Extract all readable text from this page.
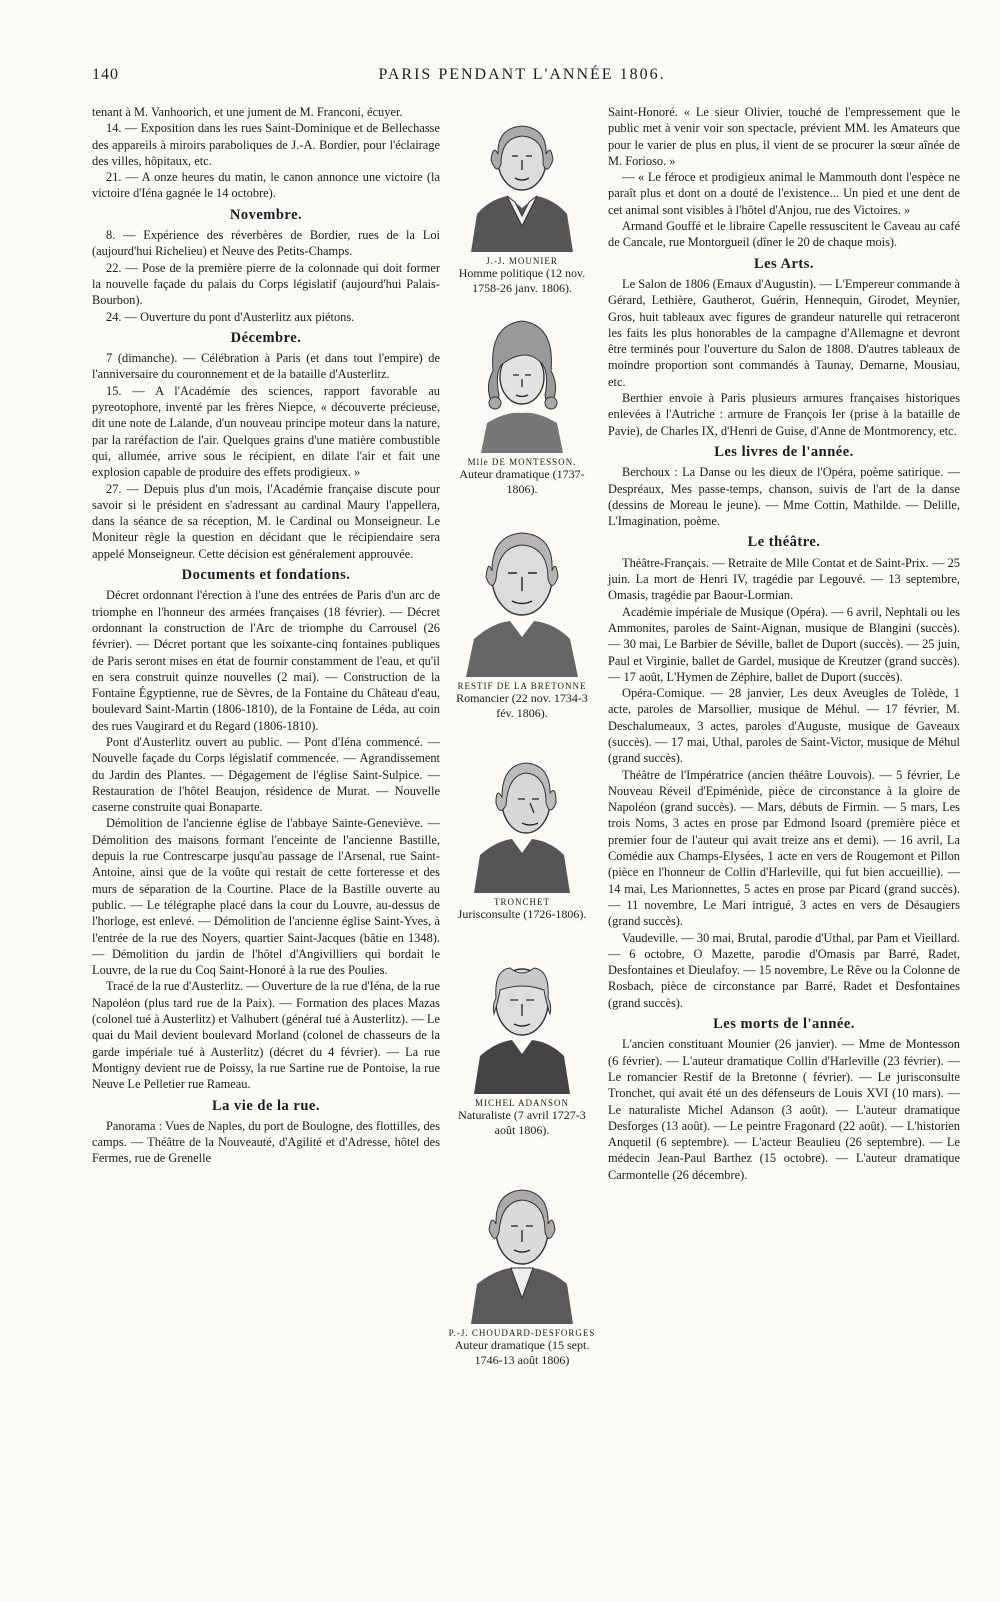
140	PARIS PENDANT L'ANNÉE 1806.

tenant à M. Vanhoorich, et une jument de M. Franconi, écuyer.

14. — Exposition dans les rues Saint-Dominique et de Bellechasse des appareils à miroirs paraboliques de J.-A. Bordier, pour l'éclairage des villes, hôpitaux, etc.

21. — A onze heures du matin, le canon annonce une victoire (la victoire d'Iéna gagnée le 14 octobre).

Novembre.

8. — Expérience des réverbères de Bordier, rues de la Loi (aujourd'hui Richelieu) et Neuve des Petits-Champs.

22. — Pose de la première pierre de la colonnade qui doit former la nouvelle façade du palais du Corps législatif (aujourd'hui Palais-Bourbon).

24. — Ouverture du pont d'Austerlitz aux piétons.

Décembre.

7 (dimanche). — Célébration à Paris (et dans tout l'empire) de l'anniversaire du couronnement et de la bataille d'Austerlitz.

15. — A l'Académie des sciences, rapport favorable au pyreotophore, inventé par les frères Niepce, « découverte précieuse, dit une note de Lalande, d'un nouveau principe moteur dans la nature, par la raréfaction de l'air. Quelques grains d'une matière combustible qui, allumée, arrive sous le récipient, en dilate l'air et fait une explosion capable de produire des effets prodigieux. »

27. — Depuis plus d'un mois, l'Académie française discute pour savoir si le président en s'adressant au cardinal Maury l'appellera, dans la séance de sa réception, M. le Cardinal ou Monseigneur. Le Moniteur règle la question en décidant que le récipiendaire sera appelé Monseigneur. Cette décision est généralement approuvée.

Documents et fondations.

Décret ordonnant l'érection à l'une des entrées de Paris d'un arc de triomphe en l'honneur des armées françaises (18 février). — Décret ordonnant la construction de l'Arc de triomphe du Carrousel (26 février). — Décret portant que les soixante-cinq fontaines publiques de Paris seront mises en état de fournir constamment de l'eau, et qu'il en sera construit quinze nouvelles (2 mai). — Construction de la Fontaine Égyptienne, rue de Sèvres, de la Fontaine du Château d'eau, boulevard Saint-Martin (1806-1810), de la Fontaine de Léda, au coin des rues Vaugirard et du Regard (1806-1810).

Pont d'Austerlitz ouvert au public. — Pont d'Iéna commencé. — Nouvelle façade du Corps législatif commencée. — Agrandissement du Jardin des Plantes. — Dégagement de l'église Saint-Sulpice. — Restauration de l'hôtel Beaujon, résidence de Murat. — Nouvelle caserne construite quai Bonaparte.

Démolition de l'ancienne église de l'abbaye Sainte-Geneviève. — Démolition des maisons formant l'enceinte de l'ancienne Bastille, depuis la rue Contrescarpe jusqu'au passage de l'Arsenal, rue Saint-Antoine, ainsi que de la voûte qui restait de cette forteresse et des murs de séparation de la Courtine. Place de la Bastille ouverte au public. — Le télégraphe placé dans la cour du Louvre, au-dessus de l'horloge, est enlevé. — Démolition de l'ancienne église Saint-Yves, à l'entrée de la rue des Noyers, quartier Saint-Jacques (bâtie en 1348). — Démolition du jardin de l'hôtel d'Angivilliers qui bordait le Louvre, de la rue du Coq Saint-Honoré à la rue des Poulies.

Tracé de la rue d'Austerlitz. — Ouverture de la rue d'Iéna, de la rue Napoléon (plus tard rue de la Paix). — Formation des places Mazas (colonel tué à Austerlitz) et Valhubert (général tué à Austerlitz). — Le quai du Mail devient boulevard Morland (colonel de chasseurs de la garde impériale tué à Austerlitz) (décret du 4 février). — La rue Montigny devient rue de Poissy, la rue Sartine rue de Pontoise, la rue Neuve Le Pelletier rue Rameau.

La vie de la rue.

Panorama : Vues de Naples, du port de Boulogne, des flottilles, des camps. — Théâtre de la Nouveauté, d'Agilité et d'Adresse, hôtel des Fermes, rue de Grenelle

J.-J. MOUNIER
Homme politique (12 nov. 1758-26 janv. 1806).
Mlle DE MONTESSON.
Auteur dramatique (1737-1806).
RESTIF DE LA BRETONNE
Romancier (22 nov. 1734-3 fév. 1806).
TRONCHET
Jurisconsulte (1726-1806).
MICHEL ADANSON
Naturaliste (7 avril 1727-3 août 1806).
P.-J. CHOUDARD-DESFORGES
Auteur dramatique (15 sept. 1746-13 août 1806)

Saint-Honoré. « Le sieur Olivier, touché de l'empressement que le public met à venir voir son spectacle, prévient MM. les Amateurs que pour le varier de plus en plus, il vient de se procurer la sœur aînée de M. Forioso. »

— « Le féroce et prodigieux animal le Mammouth dont l'espèce ne paraît plus et dont on a douté de l'existence... Un pied et une dent de cet animal sont visibles à l'hôtel d'Anjou, rue des Victoires. »

Armand Gouffé et le libraire Capelle ressuscitent le Caveau au café de Cancale, rue Montorgueil (dîner le 20 de chaque mois).

Les Arts.

Le Salon de 1806 (Emaux d'Augustin). — L'Empereur commande à Gérard, Lethière, Gautherot, Guérin, Hennequin, Girodet, Meynier, Gros, huit tableaux avec figures de grandeur naturelle qui retraceront les faits les plus honorables de la campagne d'Allemagne et devront être terminés pour l'ouverture du Salon de 1808. D'autres tableaux de moindre proportion sont commandés à Taunay, Demarne, Mousiau, etc.

Berthier envoie à Paris plusieurs armures françaises historiques enlevées à l'Autriche : armure de François Ier (prise à la bataille de Pavie), de Charles IX, d'Henri de Guise, d'Anne de Montmorency, etc.

Les livres de l'année.

Berchoux : La Danse ou les dieux de l'Opéra, poème satirique. — Despréaux, Mes passe-temps, chanson, suivis de l'art de la danse (dessins de Moreau le jeune). — Mme Cottin, Mathilde. — Delille, L'Imagination, poème.

Le théâtre.

Théâtre-Français. — Retraite de Mlle Contat et de Saint-Prix. — 25 juin. La mort de Henri IV, tragédie par Legouvé. — 13 septembre, Omasis, tragédie par Baour-Lormian.

Académie impériale de Musique (Opéra). — 6 avril, Nephtali ou les Ammonites, paroles de Saint-Aignan, musique de Blangini (succès). — 30 mai, Le Barbier de Séville, ballet de Duport (succès). — 25 juin, Paul et Virginie, ballet de Gardel, musique de Kreutzer (grand succès). — 17 août, L'Hymen de Zéphire, ballet de Duport (succès).

Opéra-Comique. — 28 janvier, Les deux Aveugles de Tolède, 1 acte, paroles de Marsollier, musique de Méhul. — 17 février, M. Deschalumeaux, 3 actes, paroles d'Auguste, musique de Gaveaux (succès). — 17 mai, Uthal, paroles de Saint-Victor, musique de Méhul (grand succès).

Théâtre de l'Impératrice (ancien théâtre Louvois). — 5 février, Le Nouveau Réveil d'Epiménide, pièce de circonstance à la gloire de Napoléon (grand succès). — Mars, débuts de Firmin. — 5 mars, Les trois Noms, 3 actes en prose par Edmond Isoard (première pièce et premier four de l'auteur qui avait treize ans et demi). — 16 avril, La Comédie aux Champs-Elysées, 1 acte en vers de Rougemont et Pillon (pièce en l'honneur de Collin d'Harleville, qui fut bien accueillie). — 14 mai, Les Marionnettes, 5 actes en prose par Picard (grand succès). — 11 novembre, Le Mari intrigué, 3 actes en vers de Désaugiers (grand succès).

Vaudeville. — 30 mai, Brutal, parodie d'Uthal, par Pam et Vieillard. — 6 octobre, O Mazette, parodie d'Omasis par Barré, Radet, Desfontaines et Dieulafoy. — 15 novembre, Le Rêve ou la Colonne de Rosbach, pièce de circonstance par Barré, Radet et Desfontaines (grand succès).

Les morts de l'année.

L'ancien constituant Mounier (26 janvier). — Mme de Montesson (6 février). — L'auteur dramatique Collin d'Harleville (23 février). — Le romancier Restif de la Bretonne ( février). — Le jurisconsulte Tronchet, qui avait été un des défenseurs de Louis XVI (10 mars). — Le naturaliste Michel Adanson (3 août). — L'auteur dramatique Desforges (13 août). — Le peintre Fragonard (22 août). — L'historien Anquetil (6 septembre). — L'acteur Beaulieu (26 septembre). — Le médecin Jean-Paul Barthez (15 octobre). — L'auteur dramatique Carmontelle (26 décembre).
